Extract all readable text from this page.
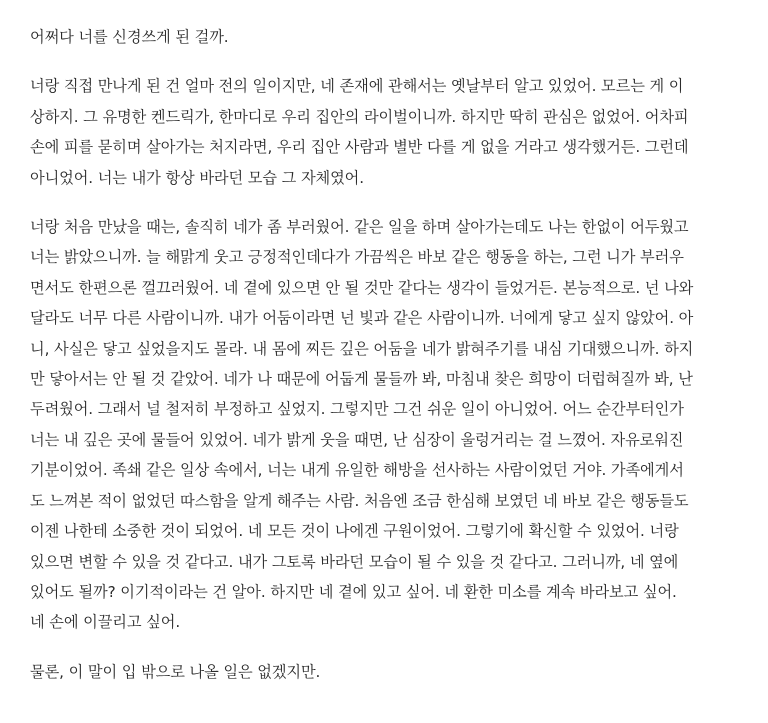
어쩌다 너를 신경쓰게 된 걸까.

너랑 직접 만나게 된 건 얼마 전의 일이지만, 네 존재에 관해서는 옛날부터 알고 있었어. 모르는 게 이
상하지. 그 유명한 켄드릭가, 한마디로 우리 집안의 라이벌이니까. 하지만 딱히 관심은 없었어. 어차피
손에 피를 묻히며 살아가는 처지라면, 우리 집안 사람과 별반 다를 게 없을 거라고 생각했거든. 그런데
아니었어. 너는 내가 항상 바라던 모습 그 자체였어.

너랑 처음 만났을 때는, 솔직히 네가 좀 부러웠어. 같은 일을 하며 살아가는데도 나는 한없이 어두웠고
너는 밝았으니까. 늘 해맑게 웃고 긍정적인데다가 가끔씩은 바보 같은 행동을 하는, 그런 니가 부러우
면서도 한편으론 껄끄러웠어. 네 곁에 있으면 안 될 것만 같다는 생각이 들었거든. 본능적으로. 넌 나와
달라도 너무 다른 사람이니까. 내가 어둠이라면 넌 빛과 같은 사람이니까. 너에게 닿고 싶지 않았어. 아
니, 사실은 닿고 싶었을지도 몰라. 내 몸에 찌든 깊은 어둠을 네가 밝혀주기를 내심 기대했으니까. 하지
만 닿아서는 안 될 것 같았어. 네가 나 때문에 어둡게 물들까 봐, 마침내 찾은 희망이 더럽혀질까 봐, 난
두려웠어. 그래서 널 철저히 부정하고 싶었지. 그렇지만 그건 쉬운 일이 아니었어. 어느 순간부터인가
너는 내 깊은 곳에 물들어 있었어. 네가 밝게 웃을 때면, 난 심장이 울렁거리는 걸 느꼈어. 자유로워진
기분이었어. 족쇄 같은 일상 속에서, 너는 내게 유일한 해방을 선사하는 사람이었던 거야. 가족에게서
도 느껴본 적이 없었던 따스함을 알게 해주는 사람. 처음엔 조금 한심해 보였던 네 바보 같은 행동들도
이젠 나한테 소중한 것이 되었어. 네 모든 것이 나에겐 구원이었어. 그렇기에 확신할 수 있었어. 너랑
있으면 변할 수 있을 것 같다고. 내가 그토록 바라던 모습이 될 수 있을 것 같다고. 그러니까, 네 옆에
있어도 될까? 이기적이라는 건 알아. 하지만 네 곁에 있고 싶어. 네 환한 미소를 계속 바라보고 싶어.
네 손에 이끌리고 싶어.

물론, 이 말이 입 밖으로 나올 일은 없겠지만.
